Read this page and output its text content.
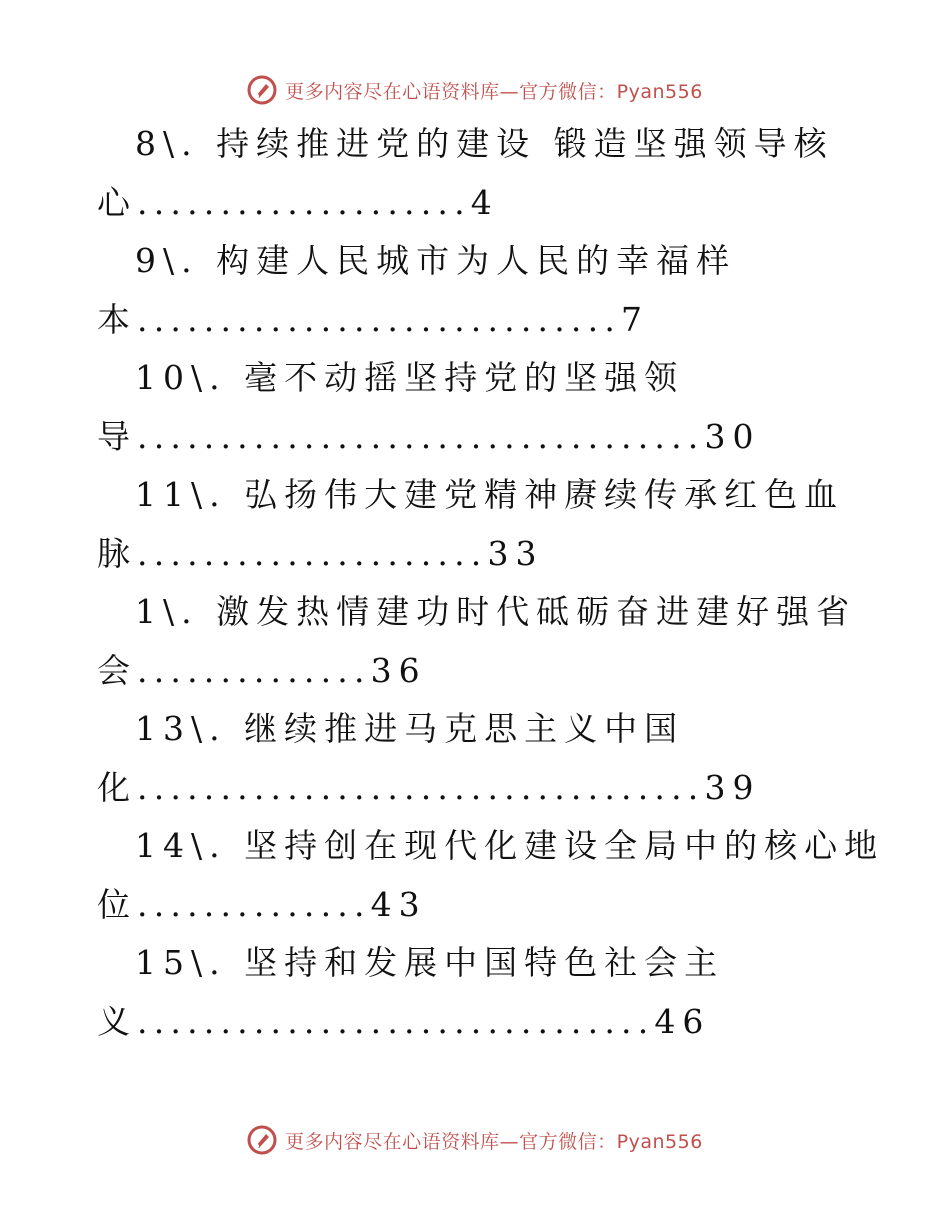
更多内容尽在心语资料库—官方微信：Pyan556
8\. 持续推进党的建设 锻造坚强领导核
心....................4
9\. 构建人民城市为人民的幸福样
本.............................7
10\. 毫不动摇坚持党的坚强领
导..................................30
11\. 弘扬伟大建党精神赓续传承红色血
脉.....................33
1\. 激发热情建功时代砥砺奋进建好强省
会..............36
13\. 继续推进马克思主义中国
化..................................39
14\. 坚持创在现代化建设全局中的核心地
位..............43
15\. 坚持和发展中国特色社会主
义...............................46
更多内容尽在心语资料库—官方微信：Pyan556
